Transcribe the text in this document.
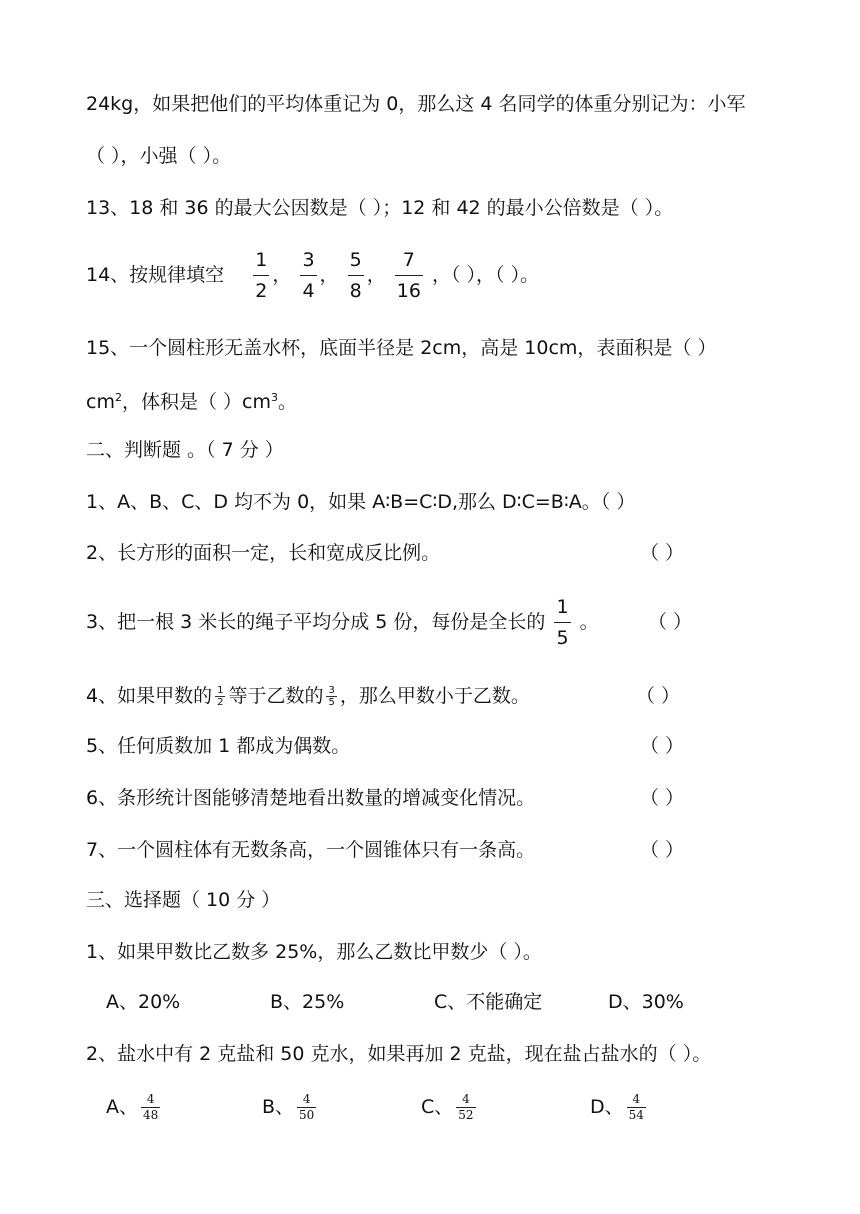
24kg，如果把他们的平均体重记为 0，那么这 4 名同学的体重分别记为：小军
（ ），小强（ ）。
13、18 和 36 的最大公因数是（ ）；12 和 42 的最小公倍数是（ ）。
14、按规律填空 $\frac{1}{2}$ ， $\frac{3}{4}$ ， $\frac{5}{8}$ ， $\frac{7}{16}$ ，（ ），（ ）。
15、一个圆柱形无盖水杯，底面半径是 2cm，高是 10cm，表面积是（ ）
$cm^2$，体积是（ ）$cm^3$。
二、判断题 。（ 7 分 ）
1、A、B、C、D 均不为 0，如果 A∶B=C∶D,那么 D∶C=B∶A。（ ）
2、长方形的面积一定，长和宽成反比例。	（ ）
3、把一根 3 米长的绳子平均分成 5 份，每份是全长的 $\frac{1}{5}$ 。	（ ）
4、如果甲数的 $\frac{1}{2}$ 等于乙数的 $\frac{3}{5}$ ，那么甲数小于乙数。	（ ）
5、任何质数加 1 都成为偶数。	（ ）
6、条形统计图能够清楚地看出数量的增减变化情况。	（ ）
7、一个圆柱体有无数条高，一个圆锥体只有一条高。	（ ）
三、选择题（ 10 分 ）
1、如果甲数比乙数多 25%，那么乙数比甲数少（ ）。
A、20%	B、25%	C、不能确定	D、30%
2、盐水中有 2 克盐和 50 克水，如果再加 2 克盐，现在盐占盐水的（ ）。
A、 $\frac{4}{48}$	B、 $\frac{4}{50}$	C、 $\frac{4}{52}$	D、 $\frac{4}{54}$
